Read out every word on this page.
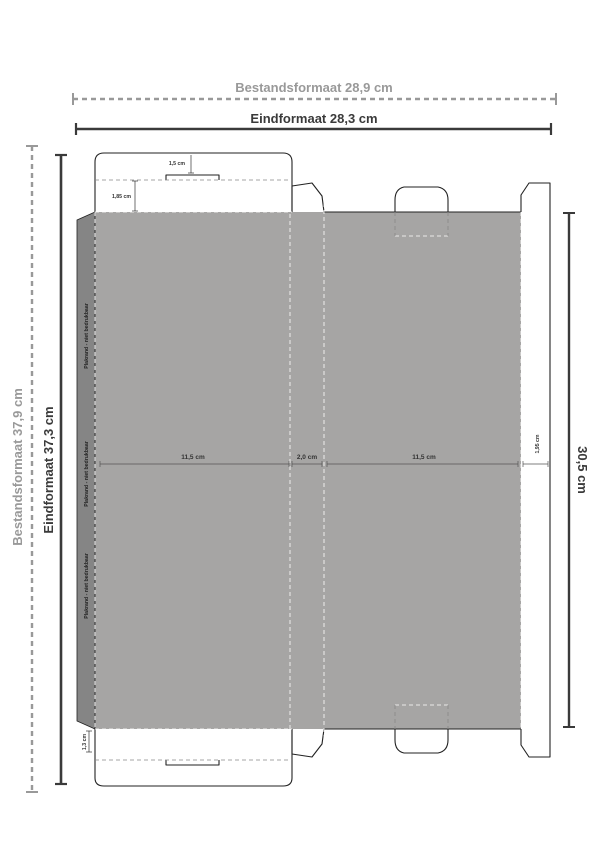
Bestandsformaat 28,9 cm
Eindformaat 28,3 cm
Bestandsformaat 37,9 cm Eindformaat 37,3 cm	30,5 cm
1,5 cm
1,85 cm
11,5 cm	2,0 cm	11,5 cm
1,95 cm
1,3 cm
Plakrand - niet bedrukbaar
Plakrand - niet bedrukbaar
Plakrand - niet bedrukbaar
